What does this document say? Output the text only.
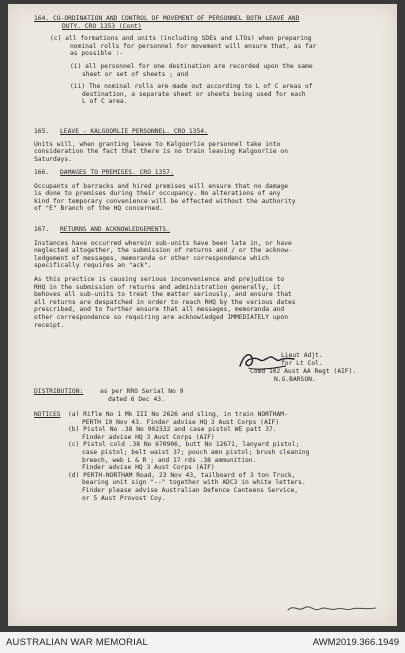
164. CO-ORDINATION AND CONTROL OF MOVEMENT OF PERSONNEL BOTH LEAVE AND
DUTY. CRO 1353 (Cont)
(c) all formations and units (including SDEs and LTOs) when preparing
nominal rolls for personnel for movement will ensure that, as far
as possible :-
(i) all personnel for one destination are recorded upon the same
sheet or set of sheets ; and
(ii) The nominal rolls are made out according to L of C areas of
destination, a separate sheet or sheets being used for each
L of C area.
165.	LEAVE - KALGOORLIE PERSONNEL. CRO 1354.
Units will, when granting leave to Kalgoorlie personnel take into
consideration the fact that there is no train leaving Kalgoorlie on
Saturdays.
166.	DAMAGES TO PREMISES. CRO 1357.
Occupants of barracks and hired premises will ensure that no damage
is done to premises during their occupancy. No alterations of any
kind for temporary convenience will be effected without the authority
of "E" Branch of the HQ concerned.
167.	RETURNS AND ACKNOWLEDGEMENTS.
Instances have occurred wherein sub-units have been late in, or have
neglected altogether, the submission of returns and / or the acknow-
ledgement of messages, memoranda or other correspondence which
specifically requires an "ack".
As this practice is causing serious inconvenience and prejudice to
RHQ in the submission of returns and administration generally, it
behoves all sub-units to treat the matter seriously, and ensure that
all returns are despatched in order to reach RHQ by the various dates
prescribed, and to further ensure that all messages, memoranda and
other correspondence so requiring are acknowledged IMMEDIATELY upon
receipt.
Lieut Adjt.
for Lt Col.
Comd 102 Aust AA Regt (AIF).
N.G.BARSON.
DISTRIBUTION:	as per RRO Serial No 9
dated 6 Dec 43.
NOTICES	(a) Rifle No 1 Mk III No 2626 and sling, in train NORTHAM-
PERTH 19 Nov 43. Finder advise HQ 3 Aust Corps (AIF)
(b) Pistol No .38 No 902332 and case pistol WE patt 37.
Finder advise HQ 3 Aust Corps (AIF)
(c) Pistol cold .38 No 670906, butt No 12671, lanyard pistol;
case pistol; belt waist 37; pouch amn pistol; brush cleaning
breech, web L & R ; and 17 rds .38 ammunition.
Finder advise HQ 3 Aust Corps (AIF)
(d) PERTH-NORTHAM Road, 23 Nov 43, tailboard of 3 ton Truck,
bearing unit sign "--" together with ADC3 in white letters.
Finder please advise Australian Defence Canteens Service,
or 5 Aust Provost Coy.
AUSTRALIAN WAR MEMORIAL	AWM2019.366.1949
